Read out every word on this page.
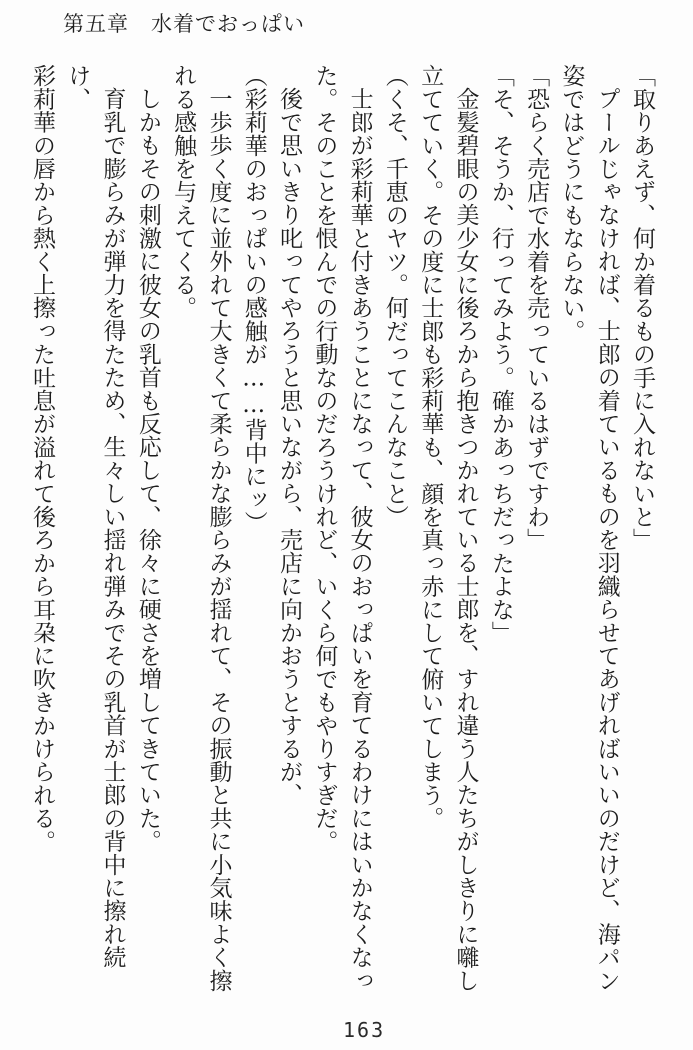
第五章　水着でおっぱい

「取りあえず、何か着るもの手に入れないと」

プールじゃなければ、士郎の着ているものを羽織らせてあげればいいのだけど、海パン

姿ではどうにもならない。

「恐らく売店で水着を売っているはずですわ」

「そ、そうか、行ってみよう。確かあっちだったよな」

金髪碧眼の美少女に後ろから抱きつかれている士郎を、すれ違う人たちがしきりに囃し

立てていく。その度に士郎も彩莉華も、顔を真っ赤にして俯いてしまう。

（くそ、千恵のヤツ。何だってこんなこと）

士郎が彩莉華と付きあうことになって、彼女のおっぱいを育てるわけにはいかなくなっ

た。そのことを恨んでの行動なのだろうけれど、いくら何でもやりすぎだ。

後で思いきり叱ってやろうと思いながら、売店に向かおうとするが、

（彩莉華のおっぱいの感触が……背中にッ）

一歩歩く度に並外れて大きくて柔らかな膨らみが揺れて、その振動と共に小気味よく擦

れる感触を与えてくる。

しかもその刺激に彼女の乳首も反応して、徐々に硬さを増してきていた。

育乳で膨らみが弾力を得たため、生々しい揺れ弾みでその乳首が士郎の背中に擦れ続け、

彩莉華の唇から熱く上擦った吐息が溢れて後ろから耳朶に吹きかけられる。

163
